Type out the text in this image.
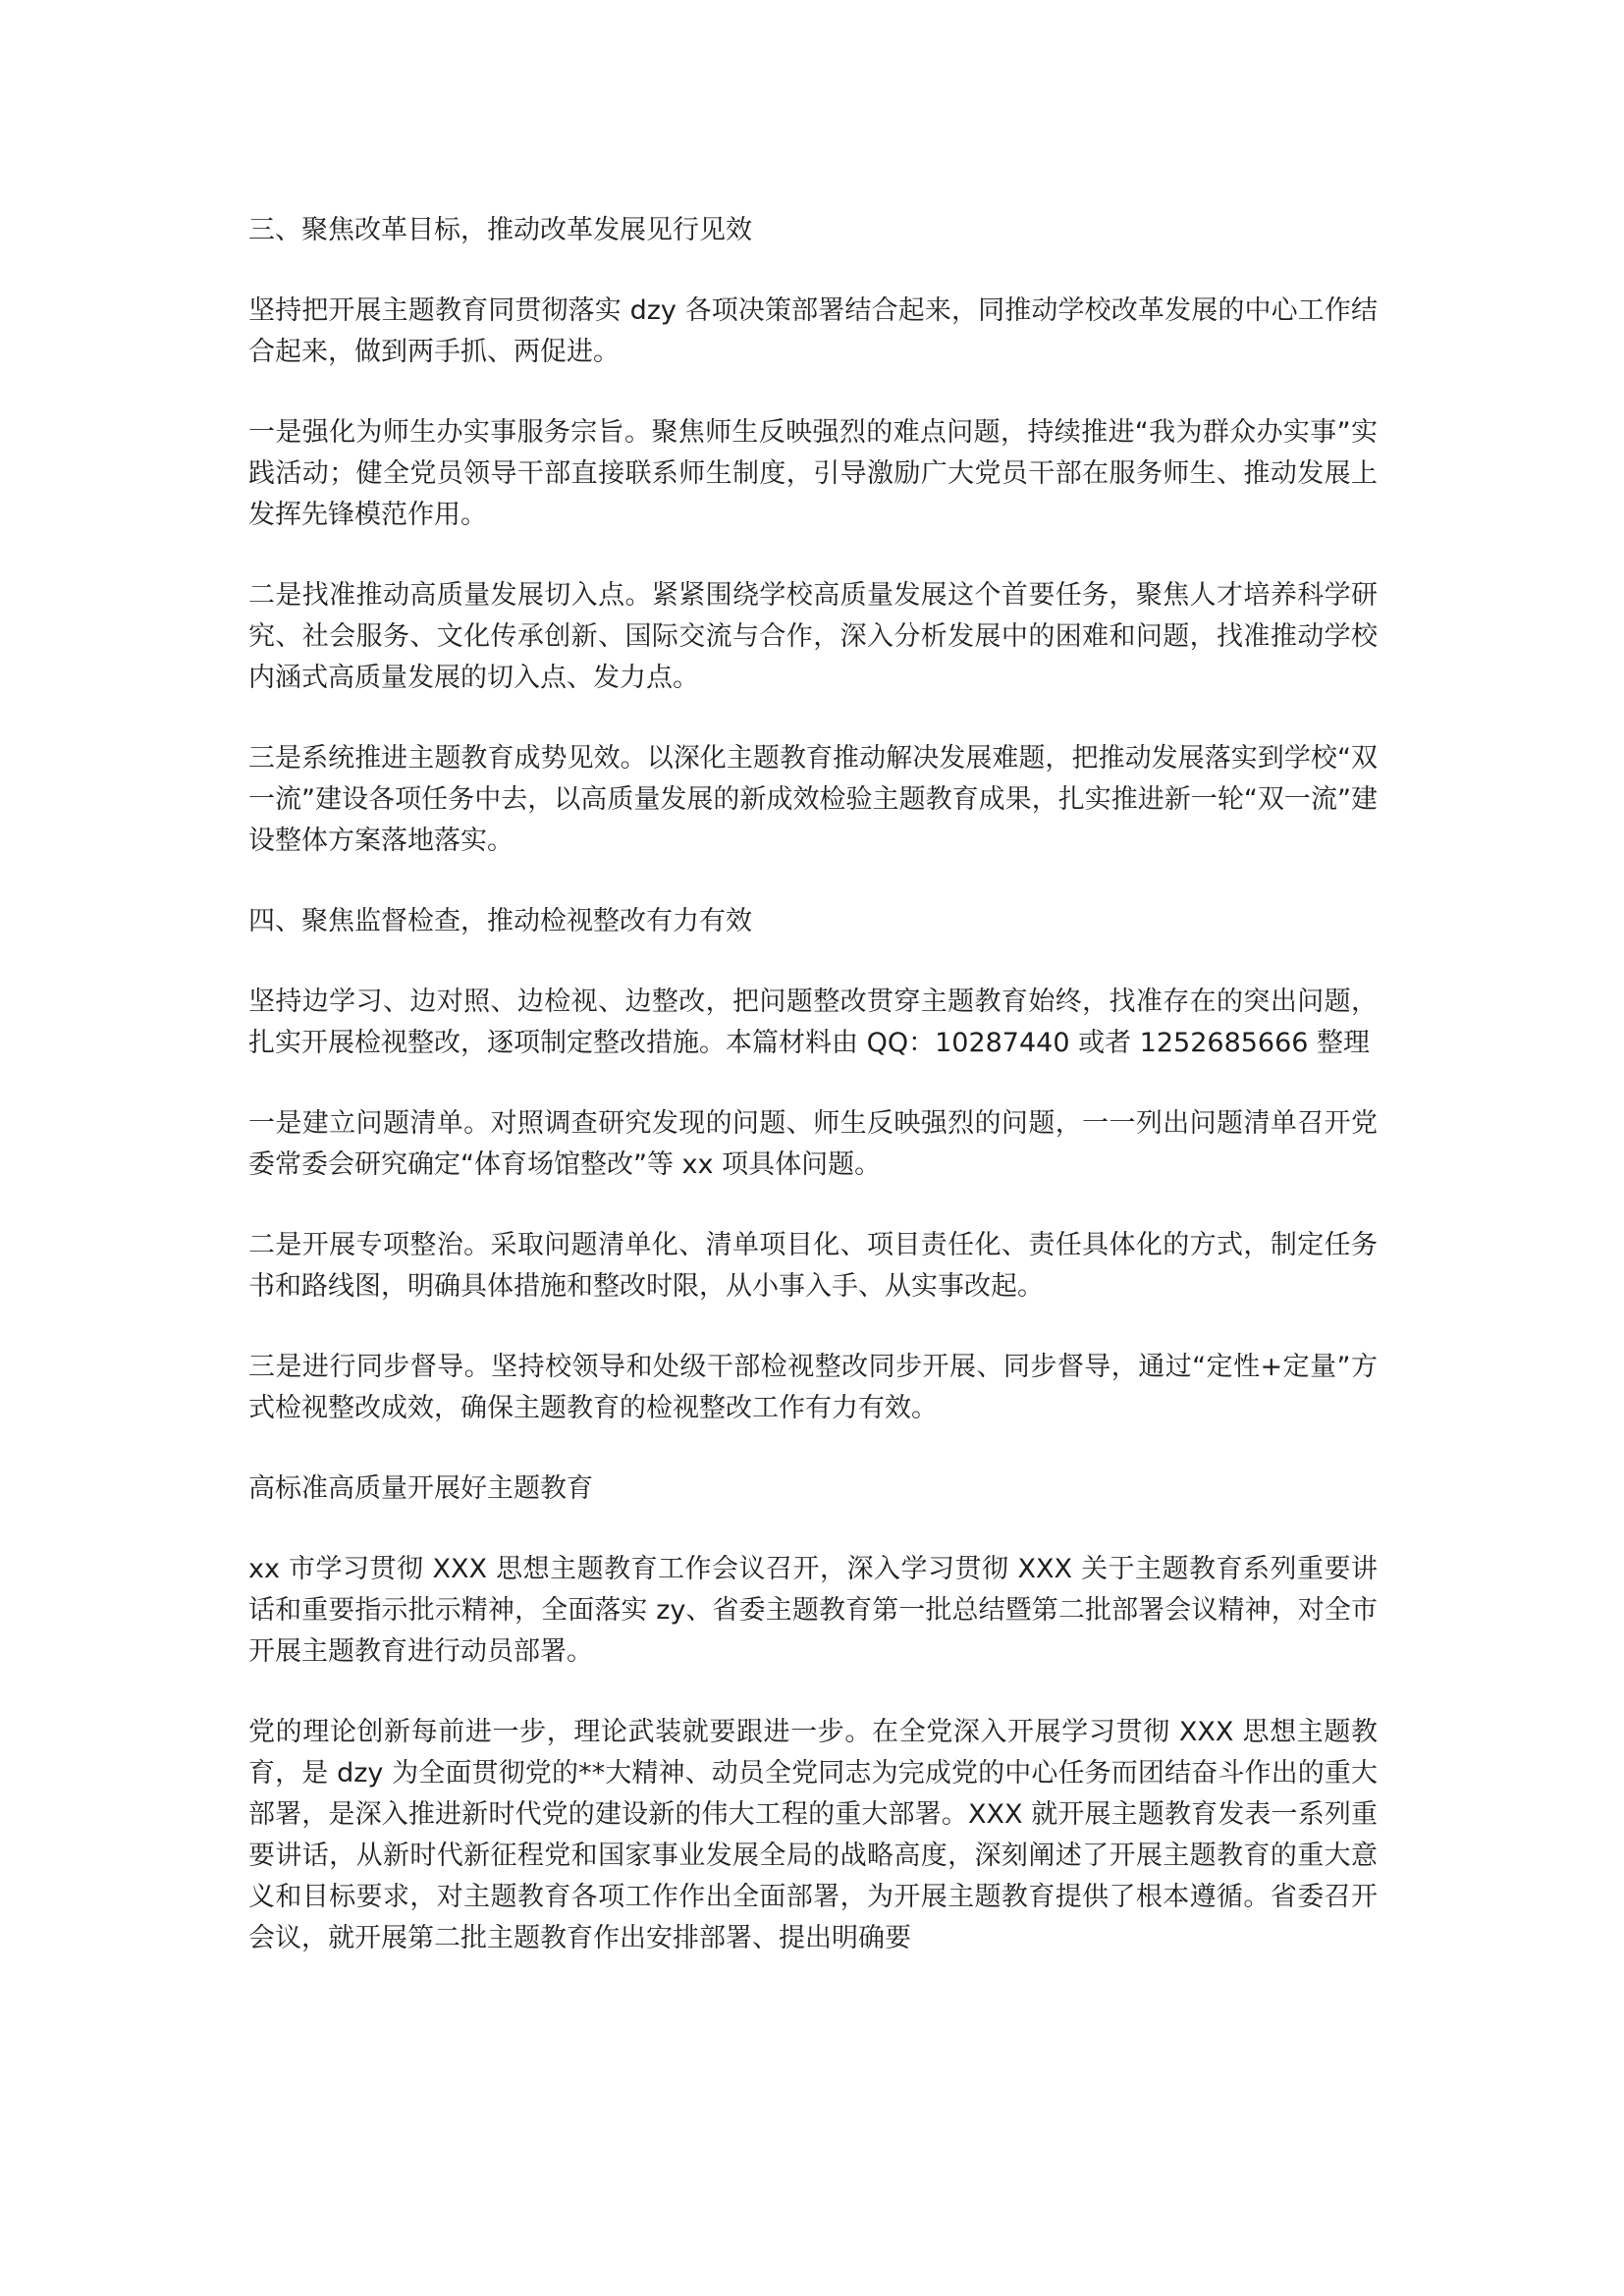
三、聚焦改革目标，推动改革发展见行见效

坚持把开展主题教育同贯彻落实 dzy 各项决策部署结合起来，同推动学校改革发展的中心工作结合起来，做到两手抓、两促进。

一是强化为师生办实事服务宗旨。聚焦师生反映强烈的难点问题，持续推进“我为群众办实事”实践活动；健全党员领导干部直接联系师生制度，引导激励广大党员干部在服务师生、推动发展上发挥先锋模范作用。

二是找准推动高质量发展切入点。紧紧围绕学校高质量发展这个首要任务，聚焦人才培养科学研究、社会服务、文化传承创新、国际交流与合作，深入分析发展中的困难和问题，找准推动学校内涵式高质量发展的切入点、发力点。

三是系统推进主题教育成势见效。以深化主题教育推动解决发展难题，把推动发展落实到学校“双一流”建设各项任务中去，以高质量发展的新成效检验主题教育成果，扎实推进新一轮“双一流”建设整体方案落地落实。

四、聚焦监督检查，推动检视整改有力有效

坚持边学习、边对照、边检视、边整改，把问题整改贯穿主题教育始终，找准存在的突出问题，扎实开展检视整改，逐项制定整改措施。本篇材料由 QQ：10287440 或者 1252685666 整理

一是建立问题清单。对照调查研究发现的问题、师生反映强烈的问题，一一列出问题清单召开党委常委会研究确定“体育场馆整改”等 xx 项具体问题。

二是开展专项整治。采取问题清单化、清单项目化、项目责任化、责任具体化的方式，制定任务书和路线图，明确具体措施和整改时限，从小事入手、从实事改起。

三是进行同步督导。坚持校领导和处级干部检视整改同步开展、同步督导，通过“定性+定量”方式检视整改成效，确保主题教育的检视整改工作有力有效。

高标准高质量开展好主题教育

xx 市学习贯彻 XXX 思想主题教育工作会议召开，深入学习贯彻 XXX 关于主题教育系列重要讲话和重要指示批示精神，全面落实 zy、省委主题教育第一批总结暨第二批部署会议精神，对全市开展主题教育进行动员部署。

党的理论创新每前进一步，理论武装就要跟进一步。在全党深入开展学习贯彻 XXX 思想主题教育，是 dzy 为全面贯彻党的**大精神、动员全党同志为完成党的中心任务而团结奋斗作出的重大部署，是深入推进新时代党的建设新的伟大工程的重大部署。XXX 就开展主题教育发表一系列重要讲话，从新时代新征程党和国家事业发展全局的战略高度，深刻阐述了开展主题教育的重大意义和目标要求，对主题教育各项工作作出全面部署，为开展主题教育提供了根本遵循。省委召开会议，就开展第二批主题教育作出安排部署、提出明确要
